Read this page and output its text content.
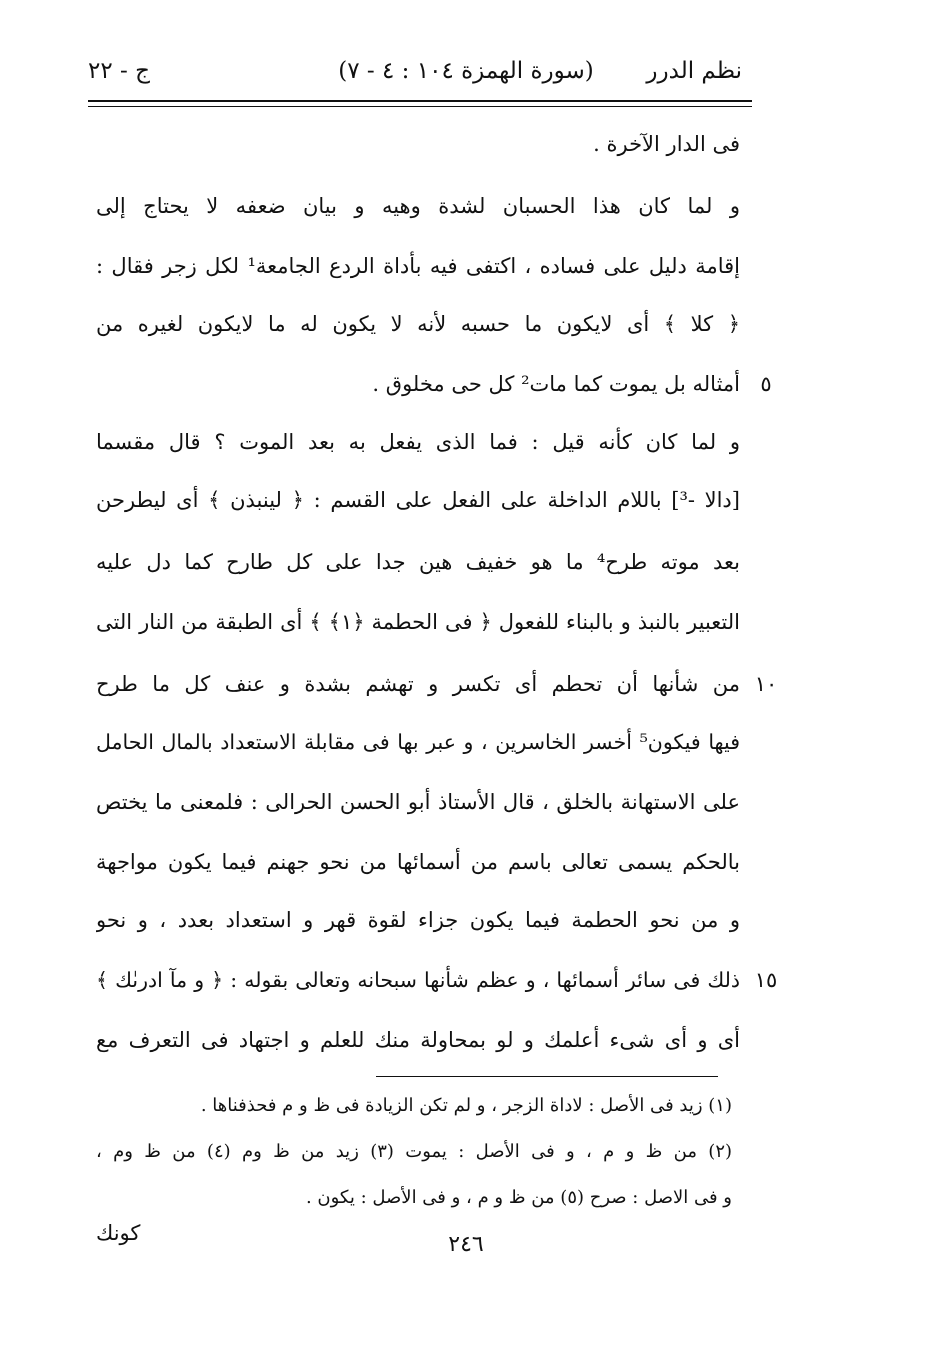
نظم الدرر
(سورة الهمزة ١٠٤ : ٤ - ٧)
ج - ٢٢
فى الدار الآخرة .
و لما كان هذا الحسبان لشدة وهيه و بيان ضعفه لا يحتاج إلى
إقامة دليل على فساده ، اكتفى فيه بأداة الردع الجامعة¹ لكل زجر فقال :
﴿ كلا ﴾ أى لايكون ما حسبه لأنه لا يكون له ما لايكون لغيره من
٥
أمثاله بل يموت كما مات² كل حى مخلوق .
و لما كان كأنه قيل : فما الذى يفعل به بعد الموت ؟ قال مقسما
[دالا -³] باللام الداخلة على الفعل على القسم : ﴿ لينبذن ﴾ أى ليطرحن
بعد موته طرح⁴ ما هو خفيف هين جدا على كل طارح كما دل عليه
التعبير بالنبذ و بالبناء للفعول ﴿ فى الحطمة ﴿١﴾ ﴾ أى الطبقة من النار التى
١٠
من شأنها أن تحطم أى تكسر و تهشم بشدة و عنف كل ما طرح
فيها فيكون⁵ أخسر الخاسرين ، و عبر بها فى مقابلة الاستعداد بالمال الحامل
على الاستهانة بالخلق ، قال الأستاذ أبو الحسن الحرالى : فلمعنى ما يختص
بالحكم يسمى تعالى باسم من أسمائها من نحو جهنم فيما يكون مواجهة
و من نحو الحطمة فيما يكون جزاء لقوة قهر و استعداد بعدد ، و نحو
١٥
ذلك فى سائر أسمائها ، و عظم شأنها سبحانه وتعالى بقوله : ﴿ و مآ ادرىٰك ﴾
أى و أى شىء أعلمك و لو بمحاولة منك للعلم و اجتهاد فى التعرف مع
(١) زيد فى الأصل : لاداة الزجر ، و لم تكن الزيادة فى ظ و م فحذفناها .
(٢) من ظ و م ، و فى الأصل : يموت (٣) زيد من ظ وم (٤) من ظ وم ،
و فى الاصل : صرح (٥) من ظ و م ، و فى الأصل : يكون .
كونك	٢٤٦
